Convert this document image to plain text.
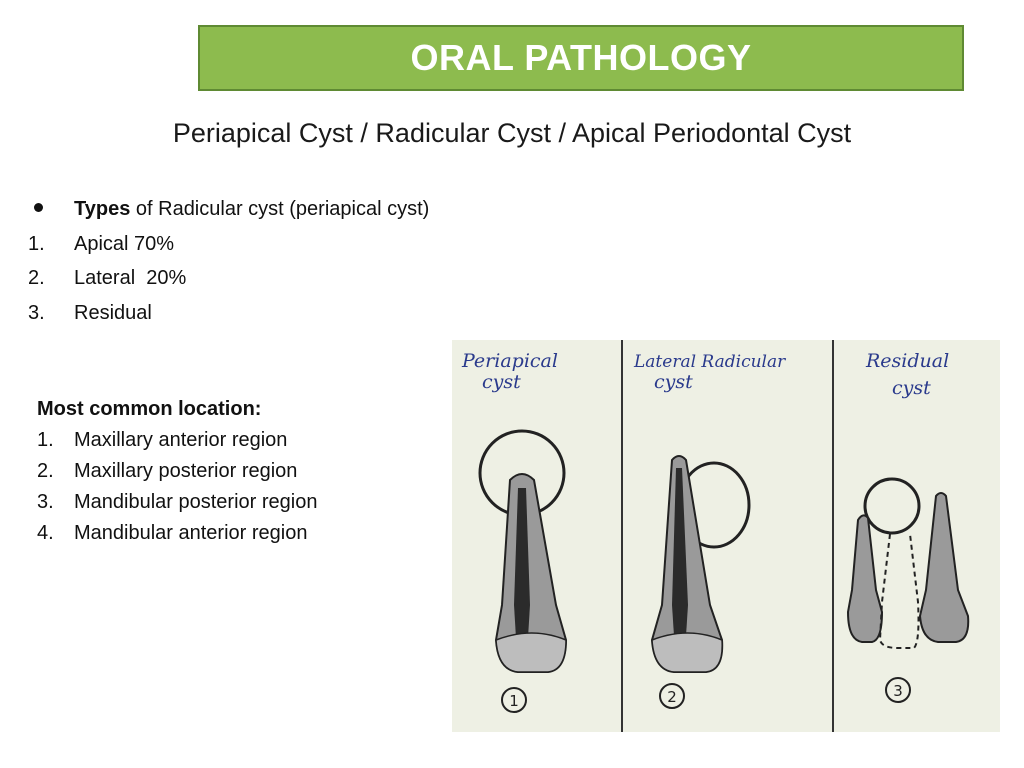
ORAL PATHOLOGY
Periapical Cyst / Radicular Cyst / Apical Periodontal Cyst
Types of Radicular cyst (periapical cyst)
1.	Apical 70%
2.	Lateral  20%
3.	Residual
Most common location:
1.	Maxillary anterior region
2.	Maxillary posterior region
3.	Mandibular posterior region
4.	Mandibular anterior region
Periapical
cyst
Lateral Radicular
cyst
Residual
cyst
1	2	3
